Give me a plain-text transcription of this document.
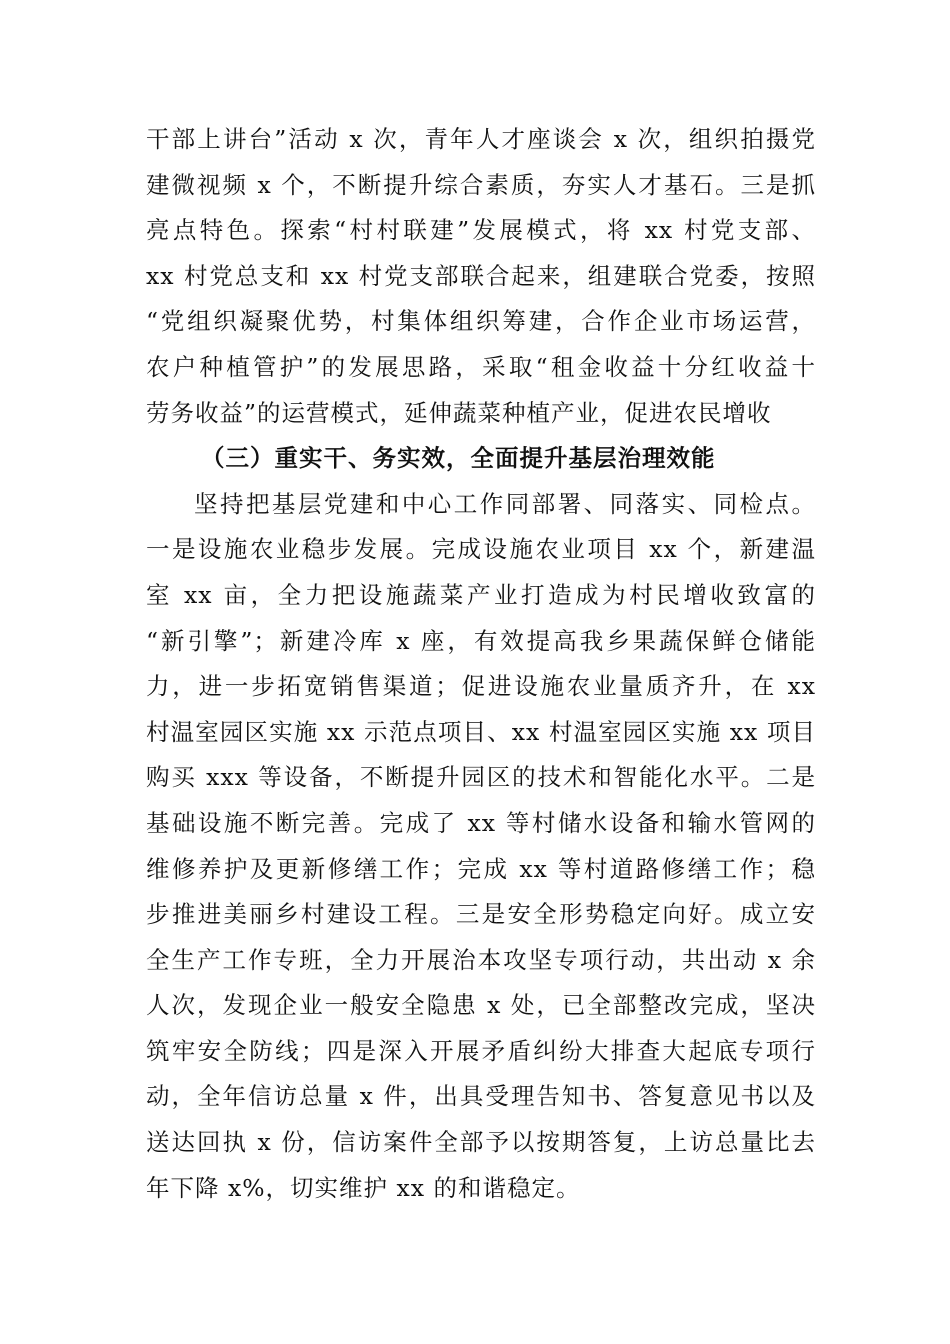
干部上讲台”活动 x 次，青年人才座谈会 x 次，组织拍摄党
建微视频 x 个，不断提升综合素质，夯实人才基石。三是抓
亮点特色。探索“村村联建”发展模式，将 xx 村党支部、
xx 村党总支和 xx 村党支部联合起来，组建联合党委，按照
“党组织凝聚优势，村集体组织筹建，合作企业市场运营，
农户种植管护”的发展思路，采取“租金收益十分红收益十
劳务收益”的运营模式，延伸蔬菜种植产业，促进农民增收
（三）重实干、务实效，全面提升基层治理效能
坚持把基层党建和中心工作同部署、同落实、同检点。
一是设施农业稳步发展。完成设施农业项目 xx 个，新建温
室 xx 亩，全力把设施蔬菜产业打造成为村民增收致富的
“新引擎”；新建冷库 x 座，有效提高我乡果蔬保鲜仓储能
力，进一步拓宽销售渠道；促进设施农业量质齐升，在 xx
村温室园区实施 xx 示范点项目、xx 村温室园区实施 xx 项目
购买 xxx 等设备，不断提升园区的技术和智能化水平。二是
基础设施不断完善。完成了 xx 等村储水设备和输水管网的
维修养护及更新修缮工作；完成 xx 等村道路修缮工作；稳
步推进美丽乡村建设工程。三是安全形势稳定向好。成立安
全生产工作专班，全力开展治本攻坚专项行动，共出动 x 余
人次，发现企业一般安全隐患 x 处，已全部整改完成，坚决
筑牢安全防线；四是深入开展矛盾纠纷大排查大起底专项行
动，全年信访总量 x 件，出具受理告知书、答复意见书以及
送达回执 x 份，信访案件全部予以按期答复，上访总量比去
年下降 x%，切实维护 xx 的和谐稳定。
